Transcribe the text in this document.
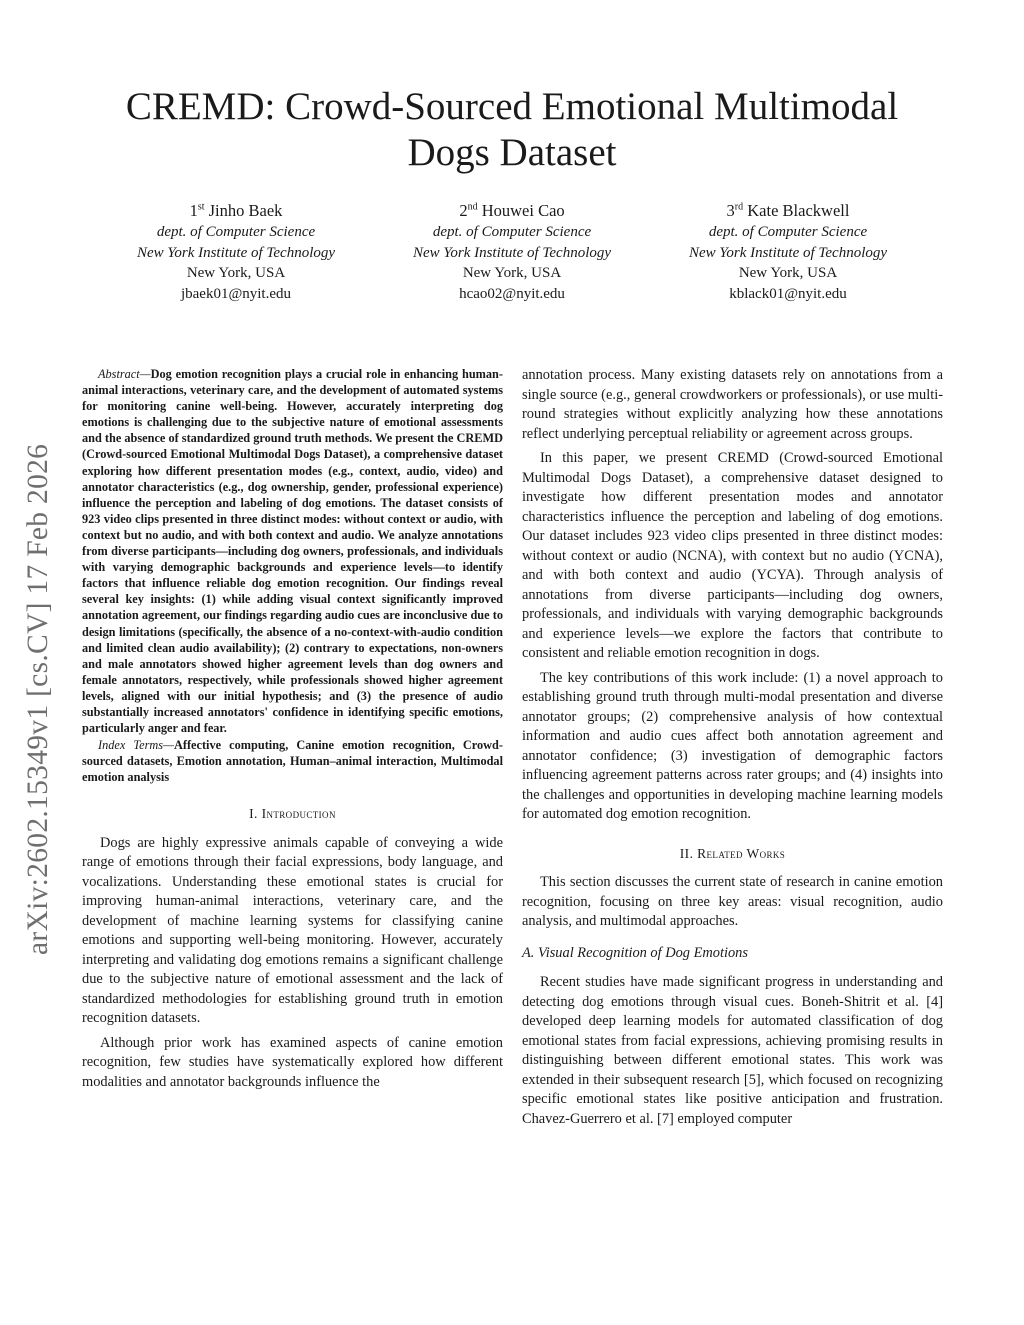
CREMD: Crowd-Sourced Emotional Multimodal
Dogs Dataset
1st Jinho Baek
dept. of Computer Science
New York Institute of Technology
New York, USA
jbaek01@nyit.edu
2nd Houwei Cao
dept. of Computer Science
New York Institute of Technology
New York, USA
hcao02@nyit.edu
3rd Kate Blackwell
dept. of Computer Science
New York Institute of Technology
New York, USA
kblack01@nyit.edu
arXiv:2602.15349v1 [cs.CV] 17 Feb 2026

Abstract—Dog emotion recognition plays a crucial role in enhancing human-animal interactions, veterinary care, and the development of automated systems for monitoring canine well-being. However, accurately interpreting dog emotions is challenging due to the subjective nature of emotional assessments and the absence of standardized ground truth methods. We present the CREMD (Crowd-sourced Emotional Multimodal Dogs Dataset), a comprehensive dataset exploring how different presentation modes (e.g., context, audio, video) and annotator characteristics (e.g., dog ownership, gender, professional experience) influence the perception and labeling of dog emotions. The dataset consists of 923 video clips presented in three distinct modes: without context or audio, with context but no audio, and with both context and audio. We analyze annotations from diverse participants—including dog owners, professionals, and individuals with varying demographic backgrounds and experience levels—to identify factors that influence reliable dog emotion recognition. Our findings reveal several key insights: (1) while adding visual context significantly improved annotation agreement, our findings regarding audio cues are inconclusive due to design limitations (specifically, the absence of a no-context-with-audio condition and limited clean audio availability); (2) contrary to expectations, non-owners and male annotators showed higher agreement levels than dog owners and female annotators, respectively, while professionals showed higher agreement levels, aligned with our initial hypothesis; and (3) the presence of audio substantially increased annotators' confidence in identifying specific emotions, particularly anger and fear.

Index Terms—Affective computing, Canine emotion recognition, Crowd-sourced datasets, Emotion annotation, Human–animal interaction, Multimodal emotion analysis

I. Introduction

Dogs are highly expressive animals capable of conveying a wide range of emotions through their facial expressions, body language, and vocalizations. Understanding these emotional states is crucial for improving human-animal interactions, veterinary care, and the development of machine learning systems for classifying canine emotions and supporting well-being monitoring. However, accurately interpreting and validating dog emotions remains a significant challenge due to the subjective nature of emotional assessment and the lack of standardized methodologies for establishing ground truth in emotion recognition datasets.

Although prior work has examined aspects of canine emotion recognition, few studies have systematically explored how different modalities and annotator backgrounds influence the

annotation process. Many existing datasets rely on annotations from a single source (e.g., general crowdworkers or professionals), or use multi-round strategies without explicitly analyzing how these annotations reflect underlying perceptual reliability or agreement across groups.

In this paper, we present CREMD (Crowd-sourced Emotional Multimodal Dogs Dataset), a comprehensive dataset designed to investigate how different presentation modes and annotator characteristics influence the perception and labeling of dog emotions. Our dataset includes 923 video clips presented in three distinct modes: without context or audio (NCNA), with context but no audio (YCNA), and with both context and audio (YCYA). Through analysis of annotations from diverse participants—including dog owners, professionals, and individuals with varying demographic backgrounds and experience levels—we explore the factors that contribute to consistent and reliable emotion recognition in dogs.

The key contributions of this work include: (1) a novel approach to establishing ground truth through multi-modal presentation and diverse annotator groups; (2) comprehensive analysis of how contextual information and audio cues affect both annotation agreement and annotator confidence; (3) investigation of demographic factors influencing agreement patterns across rater groups; and (4) insights into the challenges and opportunities in developing machine learning models for automated dog emotion recognition.

II. Related Works

This section discusses the current state of research in canine emotion recognition, focusing on three key areas: visual recognition, audio analysis, and multimodal approaches.

A. Visual Recognition of Dog Emotions

Recent studies have made significant progress in understanding and detecting dog emotions through visual cues. Boneh-Shitrit et al. [4] developed deep learning models for automated classification of dog emotional states from facial expressions, achieving promising results in distinguishing between different emotional states. This work was extended in their subsequent research [5], which focused on recognizing specific emotional states like positive anticipation and frustration. Chavez-Guerrero et al. [7] employed computer
